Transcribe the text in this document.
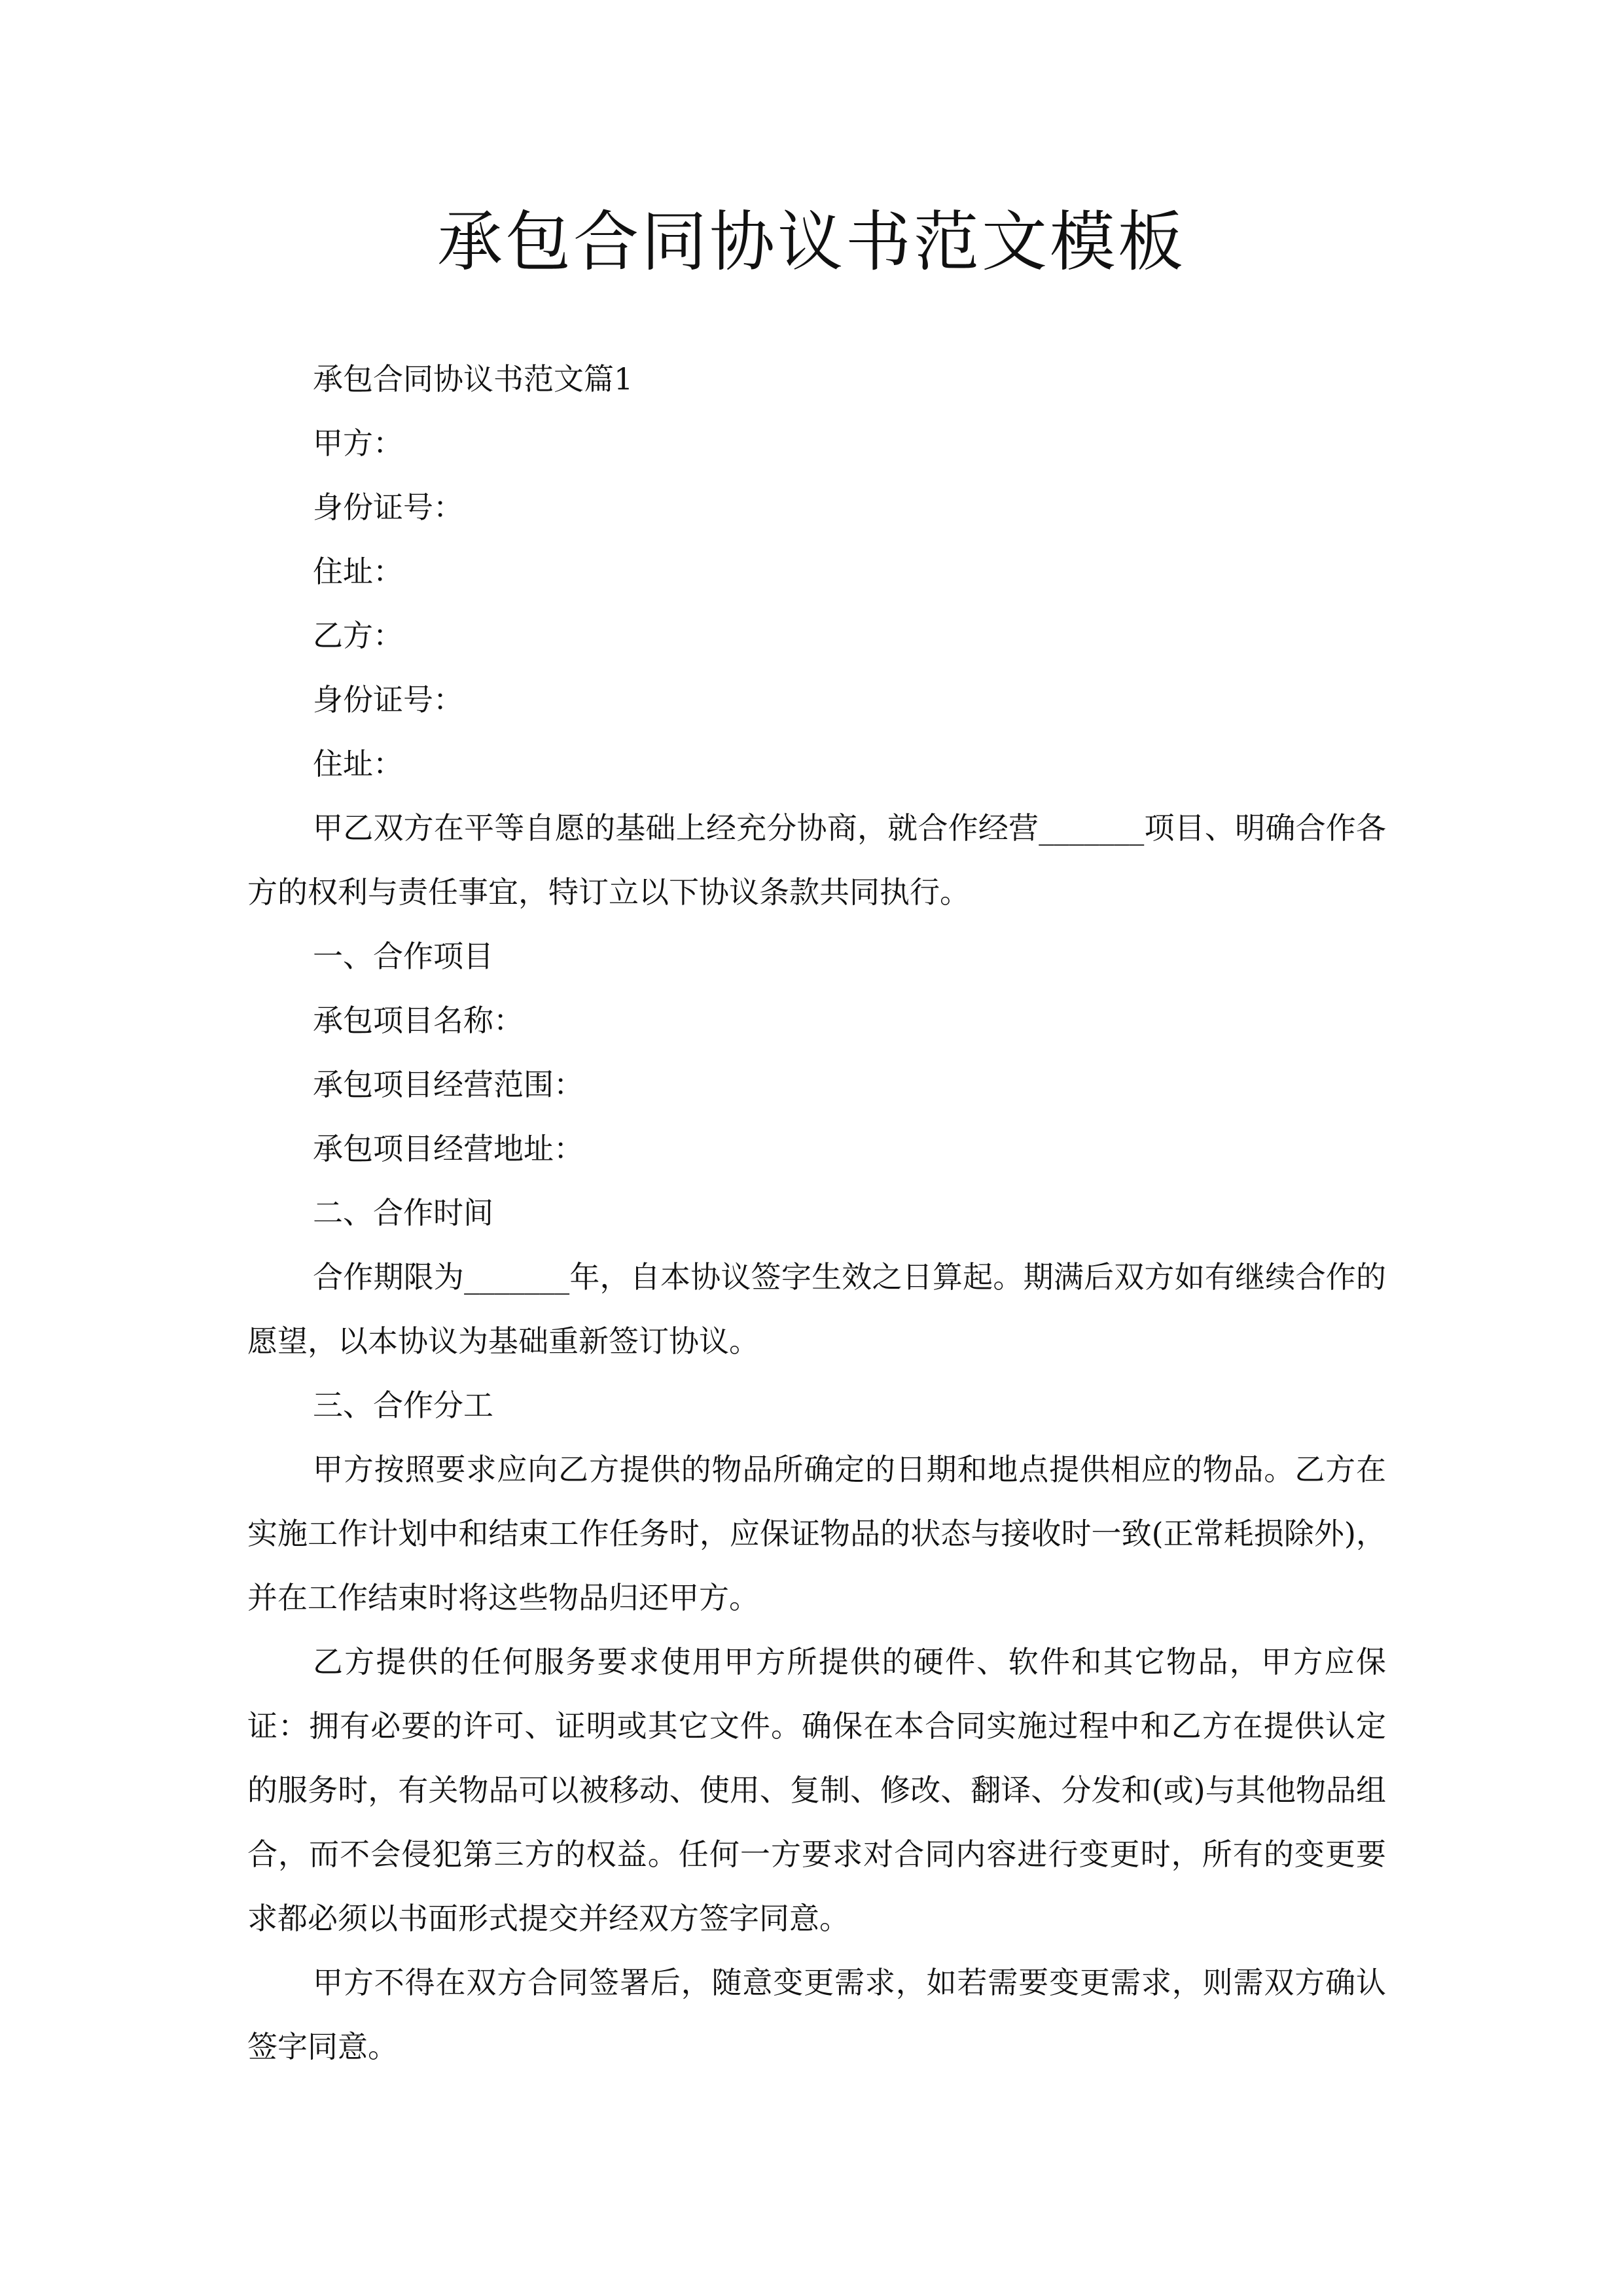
承包合同协议书范文模板

承包合同协议书范文篇1

甲方：

身份证号：

住址：

乙方：

身份证号：

住址：

甲乙双方在平等自愿的基础上经充分协商，就合作经营_______项目、明确合作各方的权利与责任事宜，特订立以下协议条款共同执行。

一、合作项目

承包项目名称：

承包项目经营范围：

承包项目经营地址：

二、合作时间

合作期限为_______年，自本协议签字生效之日算起。期满后双方如有继续合作的愿望，以本协议为基础重新签订协议。

三、合作分工

甲方按照要求应向乙方提供的物品所确定的日期和地点提供相应的物品。乙方在实施工作计划中和结束工作任务时，应保证物品的状态与接收时一致(正常耗损除外)，并在工作结束时将这些物品归还甲方。

乙方提供的任何服务要求使用甲方所提供的硬件、软件和其它物品，甲方应保证：拥有必要的许可、证明或其它文件。确保在本合同实施过程中和乙方在提供认定的服务时，有关物品可以被移动、使用、复制、修改、翻译、分发和(或)与其他物品组合，而不会侵犯第三方的权益。任何一方要求对合同内容进行变更时，所有的变更要求都必须以书面形式提交并经双方签字同意。

甲方不得在双方合同签署后，随意变更需求，如若需要变更需求，则需双方确认签字同意。
